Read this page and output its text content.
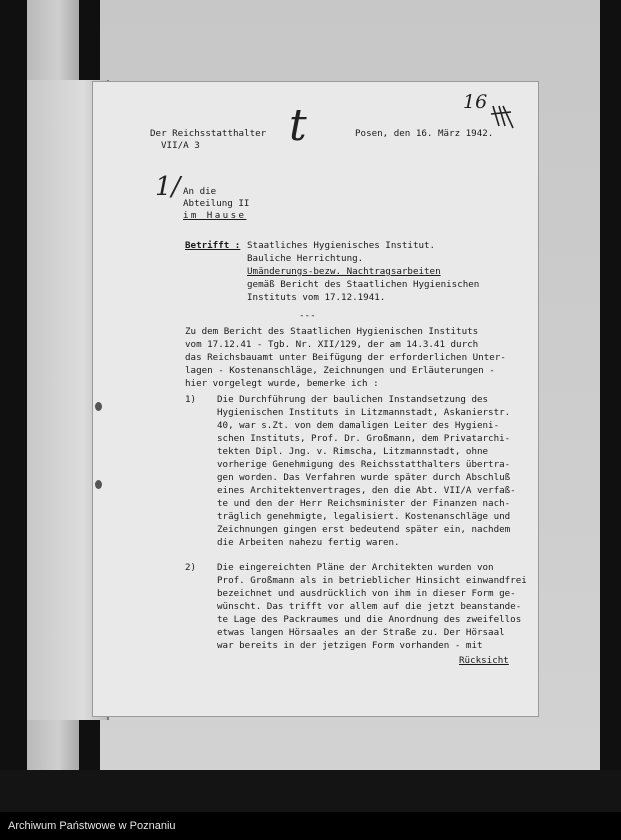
Der Reichsstatthalter
VII/A 3
Posen, den 16. März 1942.
16
t
1/ An die
Abteilung II
im Hause
Betrifft : Staatliches Hygienisches Institut.
Bauliche Herrichtung.
Umänderungs-bezw. Nachtragsarbeiten
gemäß Bericht des Staatlichen Hygienischen
Instituts vom 17.12.1941.
---
Zu dem Bericht des Staatlichen Hygienischen Instituts
vom 17.12.41 - Tgb. Nr. XII/129, der am 14.3.41 durch
das Reichsbauamt unter Beifügung der erforderlichen Unter-
lagen - Kostenanschläge, Zeichnungen und Erläuterungen -
hier vorgelegt wurde, bemerke ich :
1) Die Durchführung der baulichen Instandsetzung des
Hygienischen Instituts in Litzmannstadt, Askanierstr.
40, war s.Zt. von dem damaligen Leiter des Hygieni-
schen Instituts, Prof. Dr. Großmann, dem Privatarchi-
tekten Dipl. Jng. v. Rimscha, Litzmannstadt, ohne
vorherige Genehmigung des Reichsstatthalters übertra-
gen worden. Das Verfahren wurde später durch Abschluß
eines Architektenvertrages, den die Abt. VII/A verfaß-
te und den der Herr Reichsminister der Finanzen nach-
träglich genehmigte, legalisiert. Kostenanschläge und
Zeichnungen gingen erst bedeutend später ein, nachdem
die Arbeiten nahezu fertig waren.
2) Die eingereichten Pläne der Architekten wurden von
Prof. Großmann als in betrieblicher Hinsicht einwandfrei
bezeichnet und ausdrücklich von ihm in dieser Form ge-
wünscht. Das trifft vor allem auf die jetzt beanstande-
te Lage des Packraumes und die Anordnung des zweifellos
etwas langen Hörsaales an der Straße zu. Der Hörsaal
war bereits in der jetzigen Form vorhanden - mit
Rücksicht
Archiwum Państwowe w Poznaniu
